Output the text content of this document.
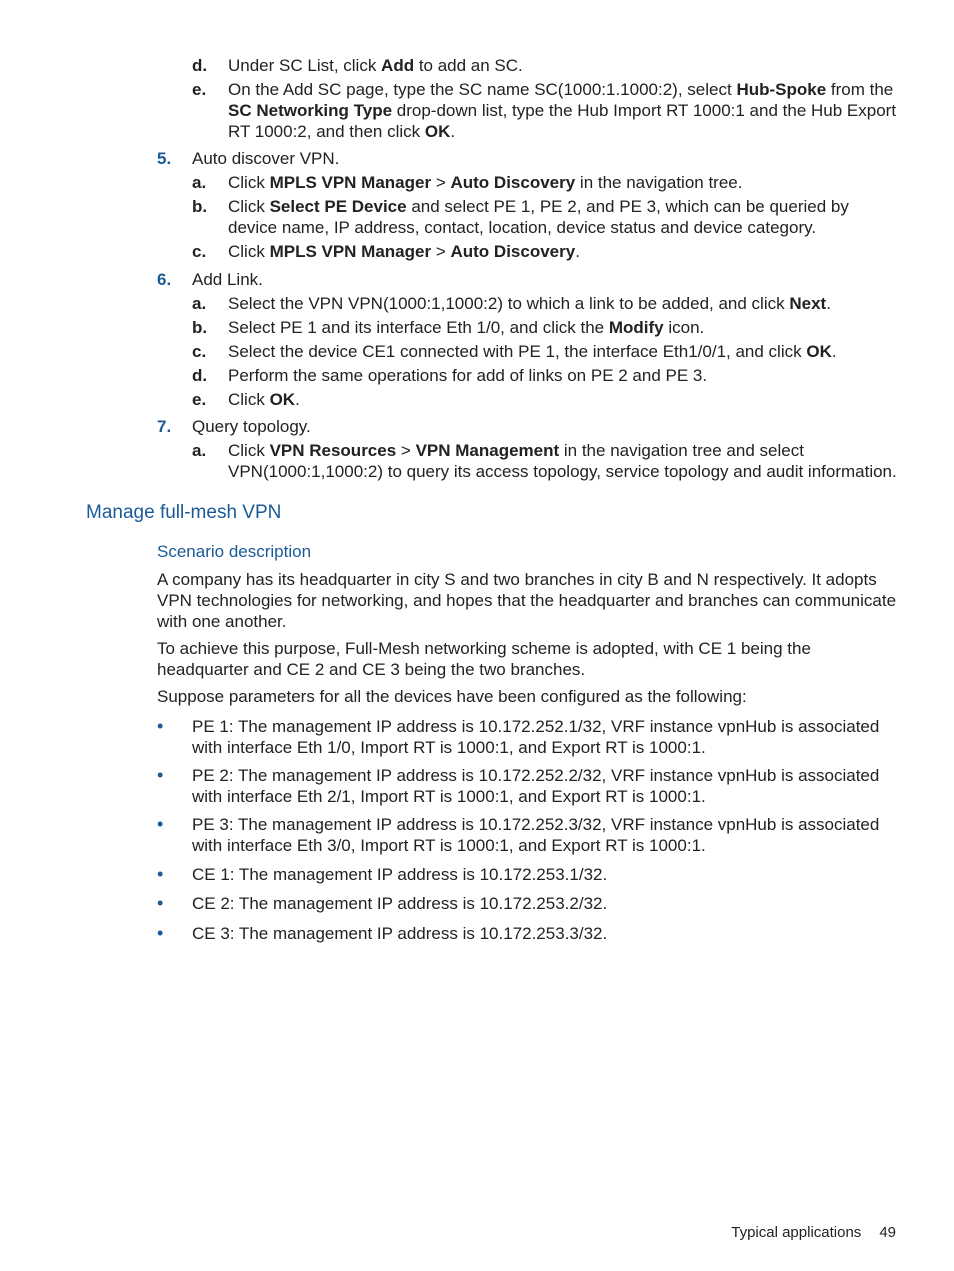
d. Under SC List, click Add to add an SC.
e. On the Add SC page, type the SC name SC(1000:1.1000:2), select Hub-Spoke from the SC Networking Type drop-down list, type the Hub Import RT 1000:1 and the Hub Export RT 1000:2, and then click OK.
5. Auto discover VPN.
a. Click MPLS VPN Manager > Auto Discovery in the navigation tree.
b. Click Select PE Device and select PE 1, PE 2, and PE 3, which can be queried by device name, IP address, contact, location, device status and device category.
c. Click MPLS VPN Manager > Auto Discovery.
6. Add Link.
a. Select the VPN VPN(1000:1,1000:2) to which a link to be added, and click Next.
b. Select PE 1 and its interface Eth 1/0, and click the Modify icon.
c. Select the device CE1 connected with PE 1, the interface Eth1/0/1, and click OK.
d. Perform the same operations for add of links on PE 2 and PE 3.
e. Click OK.
7. Query topology.
a. Click VPN Resources > VPN Management in the navigation tree and select VPN(1000:1,1000:2) to query its access topology, service topology and audit information.
Manage full-mesh VPN
Scenario description
A company has its headquarter in city S and two branches in city B and N respectively. It adopts VPN technologies for networking, and hopes that the headquarter and branches can communicate with one another.
To achieve this purpose, Full-Mesh networking scheme is adopted, with CE 1 being the headquarter and CE 2 and CE 3 being the two branches.
Suppose parameters for all the devices have been configured as the following:
•	PE 1: The management IP address is 10.172.252.1/32, VRF instance vpnHub is associated with interface Eth 1/0, Import RT is 1000:1, and Export RT is 1000:1.
•	PE 2: The management IP address is 10.172.252.2/32, VRF instance vpnHub is associated with interface Eth 2/1, Import RT is 1000:1, and Export RT is 1000:1.
•	PE 3: The management IP address is 10.172.252.3/32, VRF instance vpnHub is associated with interface Eth 3/0, Import RT is 1000:1, and Export RT is 1000:1.
•	CE 1: The management IP address is 10.172.253.1/32.
•	CE 2: The management IP address is 10.172.253.2/32.
•	CE 3: The management IP address is 10.172.253.3/32.
Typical applications 49
